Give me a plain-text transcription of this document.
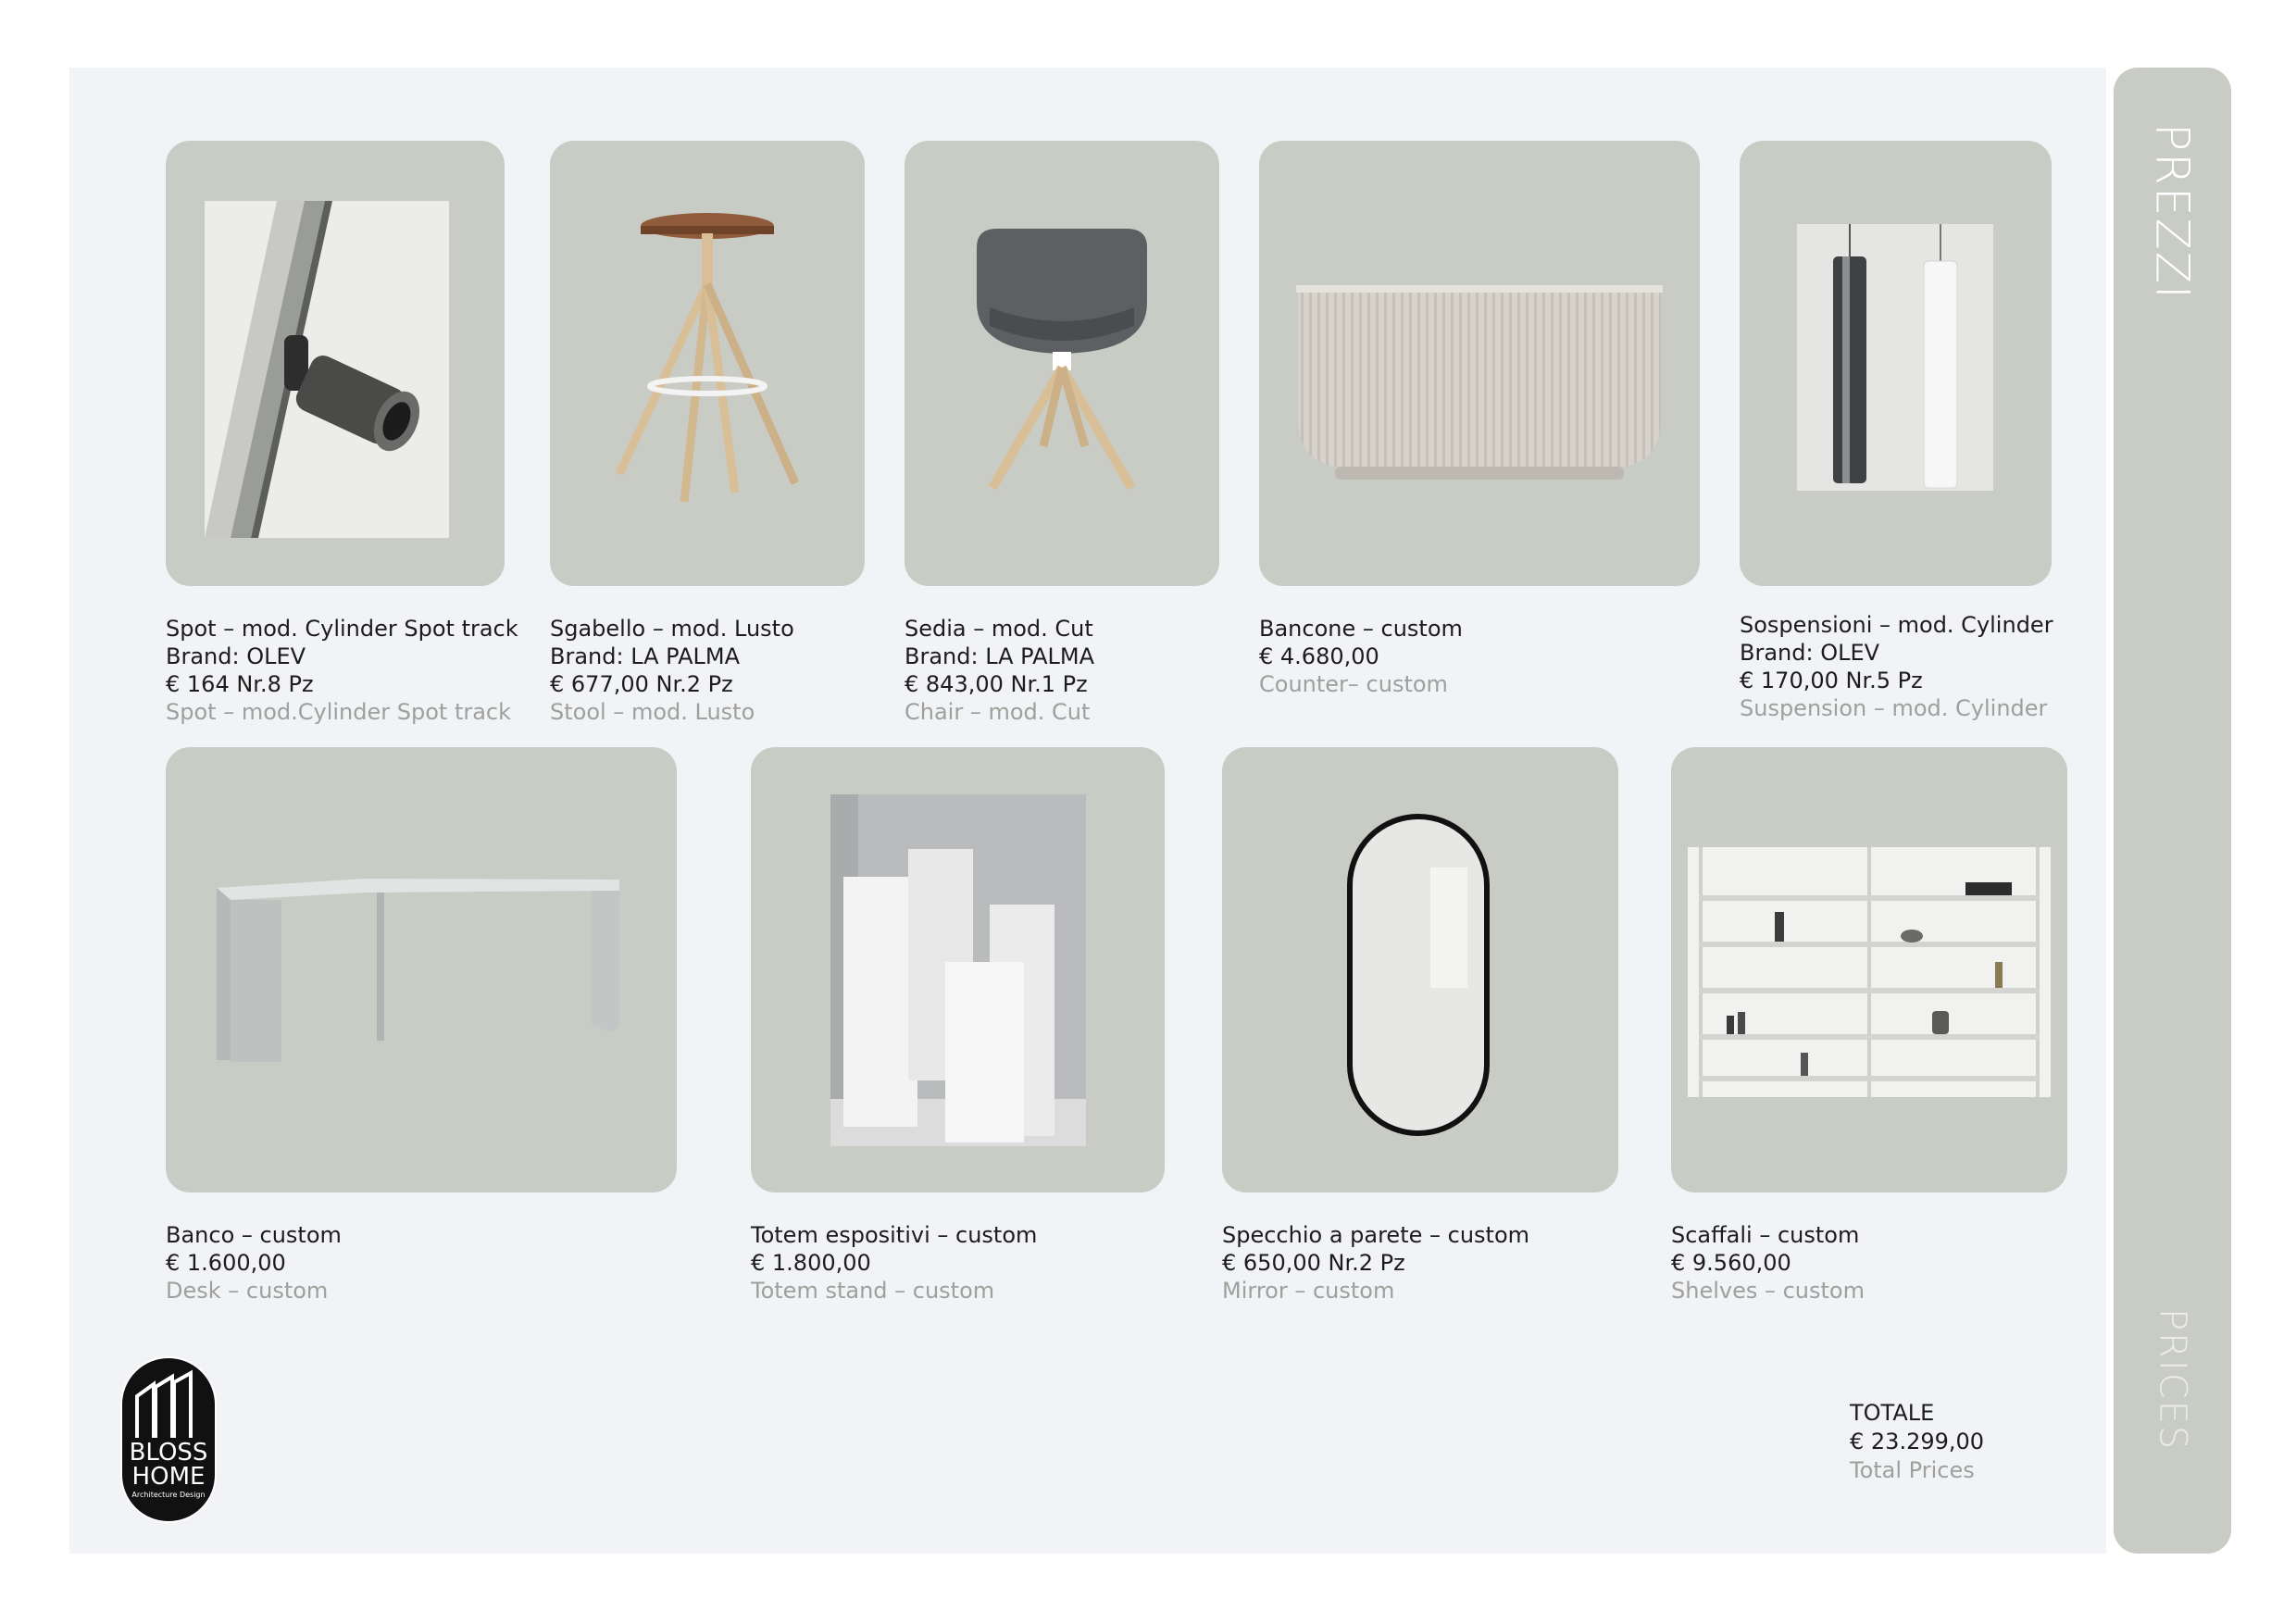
PREZZI
PRICES
Spot – mod. Cylinder Spot track
Brand: OLEV
€ 164 Nr.8 Pz
Spot – mod.Cylinder Spot track
Sgabello – mod. Lusto
Brand: LA PALMA
€ 677,00 Nr.2 Pz
Stool – mod. Lusto
Sedia – mod. Cut
Brand: LA PALMA
€ 843,00 Nr.1 Pz
Chair – mod. Cut
Bancone – custom
€ 4.680,00
Counter– custom
Sospensioni – mod. Cylinder
Brand: OLEV
€ 170,00 Nr.5 Pz
Suspension – mod. Cylinder
Banco – custom
€ 1.600,00
Desk – custom
Totem espositivi – custom
€ 1.800,00
Totem stand – custom
Specchio a parete – custom
€ 650,00 Nr.2 Pz
Mirror – custom
Scaffali – custom
€ 9.560,00
Shelves – custom
BLOSS
HOME
Architecture Design
TOTALE
€ 23.299,00
Total Prices
